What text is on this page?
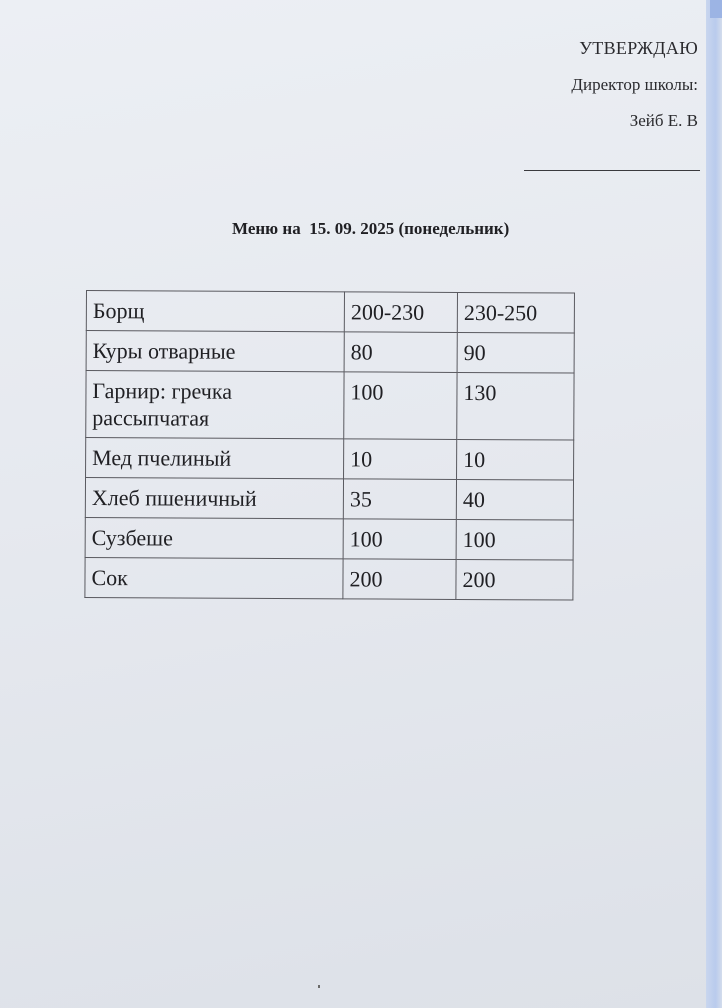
УТВЕРЖДАЮ
Директор школы:
Зейб Е. В
Меню на  15. 09. 2025 (понедельник)
Борщ	200-230	230-250
Куры отварные	80	90
Гарнир: гречка рассыпчатая	100	130
Мед пчелиный	10	10
Хлеб пшеничный	35	40
Сузбеше	100	100
Сок	200	200
